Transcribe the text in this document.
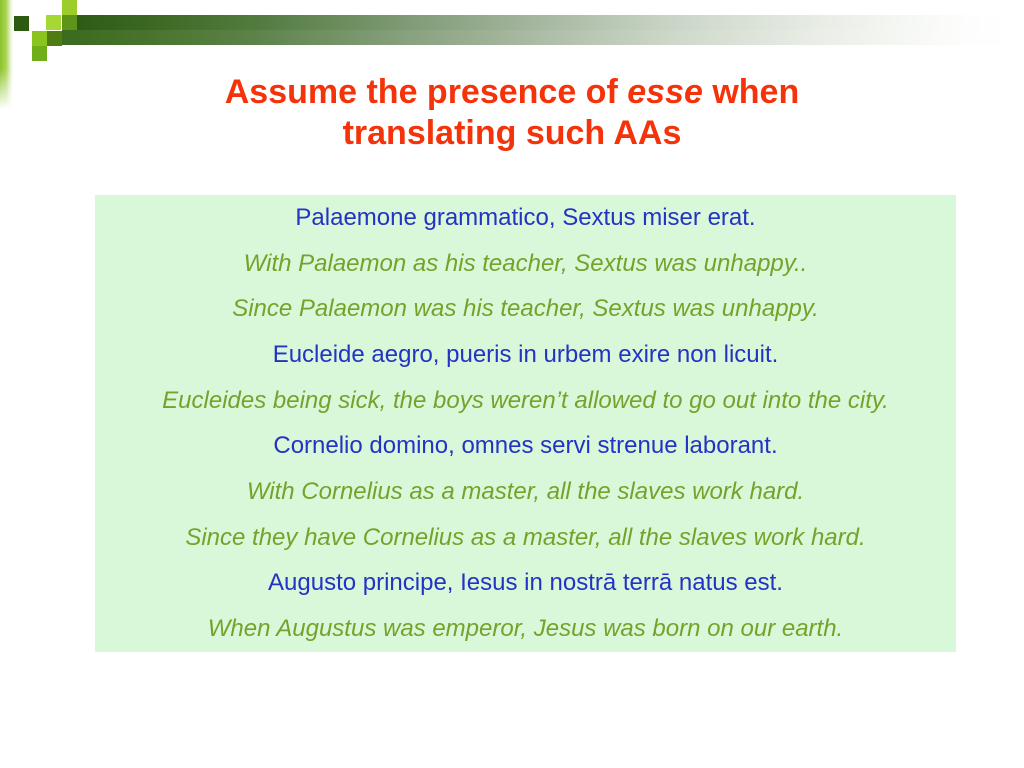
Assume the presence of esse when
translating such AAs
Palaemone grammatico, Sextus miser erat.
With Palaemon as his teacher, Sextus was unhappy..
Since Palaemon was his teacher, Sextus was unhappy.
Eucleide aegro, pueris in urbem exire non licuit.
Eucleides being sick, the boys weren’t allowed to go out into the city.
Cornelio domino, omnes servi strenue laborant.
With Cornelius as a master, all the slaves work hard.
Since they have Cornelius as a master, all the slaves work hard.
Augusto principe, Iesus in nostrā terrā natus est.
When Augustus was emperor, Jesus was born on our earth.
